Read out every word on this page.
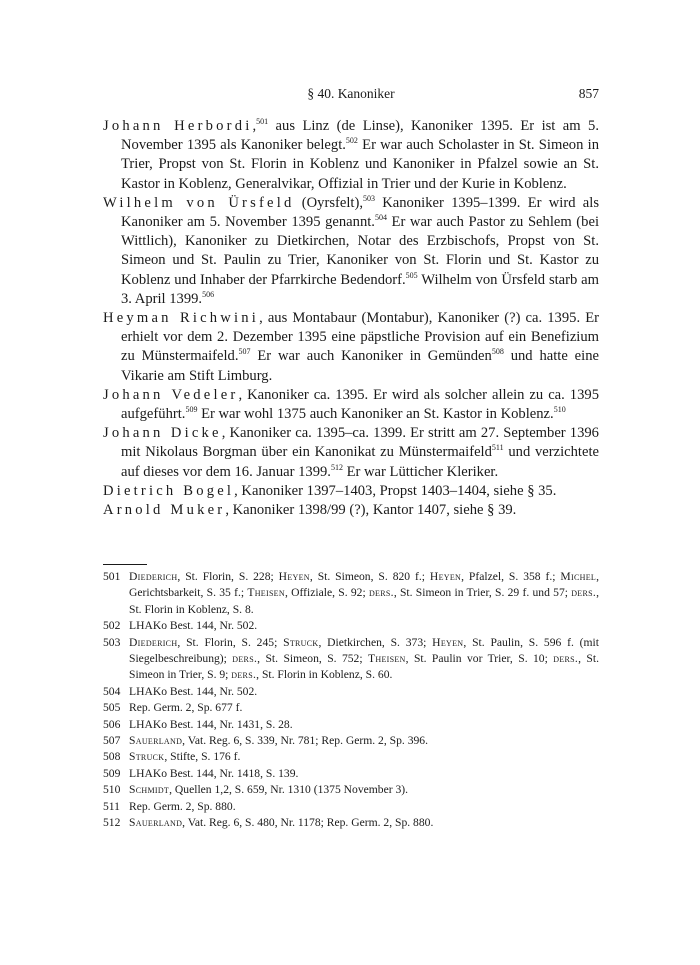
§ 40. Kanoniker	857

Johann Herbordi,$^{501}$ aus Linz (de Linse), Kanoniker 1395. Er ist am 5. November 1395 als Kanoniker belegt.$^{502}$ Er war auch Scholaster in St. Simeon in Trier, Propst von St. Florin in Koblenz und Kanoniker in Pfalzel sowie an St. Kastor in Koblenz, Generalvikar, Offizial in Trier und der Kurie in Koblenz.

Wilhelm von Ürsfeld (Oyrsfelt),$^{503}$ Kanoniker 1395–1399. Er wird als Kanoniker am 5. November 1395 genannt.$^{504}$ Er war auch Pastor zu Sehlem (bei Wittlich), Kanoniker zu Dietkirchen, Notar des Erzbischofs, Propst von St. Simeon und St. Paulin zu Trier, Kanoniker von St. Florin und St. Kastor zu Koblenz und Inhaber der Pfarrkirche Bedendorf.$^{505}$ Wilhelm von Ürsfeld starb am 3. April 1399.$^{506}$

Heyman Richwini, aus Montabaur (Montabur), Kanoniker (?) ca. 1395. Er erhielt vor dem 2. Dezember 1395 eine päpstliche Provision auf ein Benefizium zu Münstermaifeld.$^{507}$ Er war auch Kanoniker in Gemünden$^{508}$ und hatte eine Vikarie am Stift Limburg.

Johann Vedeler, Kanoniker ca. 1395. Er wird als solcher allein zu ca. 1395 aufgeführt.$^{509}$ Er war wohl 1375 auch Kanoniker an St. Kastor in Koblenz.$^{510}$

Johann Dicke, Kanoniker ca. 1395–ca. 1399. Er stritt am 27. September 1396 mit Nikolaus Borgman über ein Kanonikat zu Münstermaifeld$^{511}$ und verzichtete auf dieses vor dem 16. Januar 1399.$^{512}$ Er war Lütticher Kleriker.

Dietrich Bogel, Kanoniker 1397–1403, Propst 1403–1404, siehe § 35.

Arnold Muker, Kanoniker 1398/99 (?), Kantor 1407, siehe § 39.

501 Diederich, St. Florin, S. 228; Heyen, St. Simeon, S. 820 f.; Heyen, Pfalzel, S. 358 f.; Michel, Gerichtsbarkeit, S. 35 f.; Theisen, Offiziale, S. 92; ders., St. Simeon in Trier, S. 29 f. und 57; ders., St. Florin in Koblenz, S. 8.
502 LHAKo Best. 144, Nr. 502.
503 Diederich, St. Florin, S. 245; Struck, Dietkirchen, S. 373; Heyen, St. Paulin, S. 596 f. (mit Siegelbeschreibung); ders., St. Simeon, S. 752; Theisen, St. Paulin vor Trier, S. 10; ders., St. Simeon in Trier, S. 9; ders., St. Florin in Koblenz, S. 60.
504 LHAKo Best. 144, Nr. 502.
505 Rep. Germ. 2, Sp. 677 f.
506 LHAKo Best. 144, Nr. 1431, S. 28.
507 Sauerland, Vat. Reg. 6, S. 339, Nr. 781; Rep. Germ. 2, Sp. 396.
508 Struck, Stifte, S. 176 f.
509 LHAKo Best. 144, Nr. 1418, S. 139.
510 Schmidt, Quellen 1,2, S. 659, Nr. 1310 (1375 November 3).
511 Rep. Germ. 2, Sp. 880.
512 Sauerland, Vat. Reg. 6, S. 480, Nr. 1178; Rep. Germ. 2, Sp. 880.
